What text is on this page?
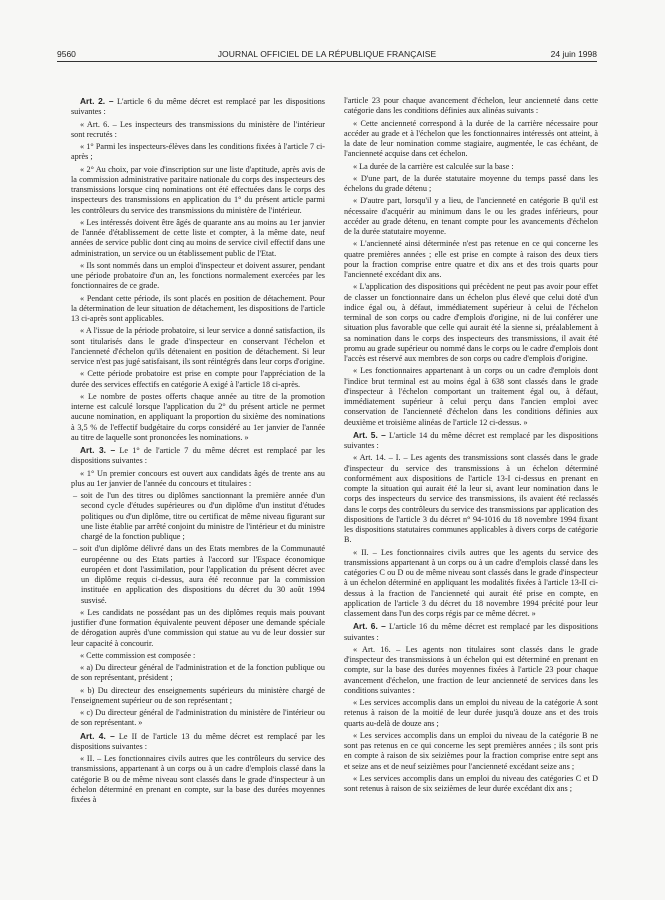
9560	JOURNAL OFFICIEL DE LA RÉPUBLIQUE FRANÇAISE	24 juin 1998

Art. 2. – L'article 6 du même décret est remplacé par les dispositions suivantes :

« Art. 6. – Les inspecteurs des transmissions du ministère de l'intérieur sont recrutés :

« 1° Parmi les inspecteurs-élèves dans les conditions fixées à l'article 7 ci-après ;

« 2° Au choix, par voie d'inscription sur une liste d'aptitude, après avis de la commission administrative paritaire nationale du corps des inspecteurs des transmissions lorsque cinq nominations ont été effectuées dans le corps des inspecteurs des transmissions en application du 1° du présent article parmi les contrôleurs du service des transmissions du ministère de l'intérieur.

« Les intéressés doivent être âgés de quarante ans au moins au 1er janvier de l'année d'établissement de cette liste et compter, à la même date, neuf années de service public dont cinq au moins de service civil effectif dans une administration, un service ou un établissement public de l'Etat.

« Ils sont nommés dans un emploi d'inspecteur et doivent assurer, pendant une période probatoire d'un an, les fonctions normalement exercées par les fonctionnaires de ce grade.

« Pendant cette période, ils sont placés en position de détachement. Pour la détermination de leur situation de détachement, les dispositions de l'article 13 ci-après sont applicables.

« A l'issue de la période probatoire, si leur service a donné satisfaction, ils sont titularisés dans le grade d'inspecteur en conservant l'échelon et l'ancienneté d'échelon qu'ils détenaient en position de détachement. Si leur service n'est pas jugé satisfaisant, ils sont réintégrés dans leur corps d'origine.

« Cette période probatoire est prise en compte pour l'appréciation de la durée des services effectifs en catégorie A exigé à l'article 18 ci-après.

« Le nombre de postes offerts chaque année au titre de la promotion interne est calculé lorsque l'application du 2° du présent article ne permet aucune nomination, en appliquant la proportion du sixième des nominations à 3,5 % de l'effectif budgétaire du corps considéré au 1er janvier de l'année au titre de laquelle sont prononcées les nominations. »

Art. 3. – Le 1° de l'article 7 du même décret est remplacé par les dispositions suivantes :

« 1° Un premier concours est ouvert aux candidats âgés de trente ans au plus au 1er janvier de l'année du concours et titulaires :

– soit de l'un des titres ou diplômes sanctionnant la première année d'un second cycle d'études supérieures ou d'un diplôme d'un institut d'études politiques ou d'un diplôme, titre ou certificat de même niveau figurant sur une liste établie par arrêté conjoint du ministre de l'intérieur et du ministre chargé de la fonction publique ;

– soit d'un diplôme délivré dans un des Etats membres de la Communauté européenne ou des Etats parties à l'accord sur l'Espace économique européen et dont l'assimilation, pour l'application du présent décret avec un diplôme requis ci-dessus, aura été reconnue par la commission instituée en application des dispositions du décret du 30 août 1994 susvisé.

« Les candidats ne possédant pas un des diplômes requis mais pouvant justifier d'une formation équivalente peuvent déposer une demande spéciale de dérogation auprès d'une commission qui statue au vu de leur dossier sur leur capacité à concourir.

« Cette commission est composée :

« a) Du directeur général de l'administration et de la fonction publique ou de son représentant, président ;

« b) Du directeur des enseignements supérieurs du ministère chargé de l'enseignement supérieur ou de son représentant ;

« c) Du directeur général de l'administration du ministère de l'intérieur ou de son représentant. »

Art. 4. – Le II de l'article 13 du même décret est remplacé par les dispositions suivantes :

« II. – Les fonctionnaires civils autres que les contrôleurs du service des transmissions, appartenant à un corps ou à un cadre d'emplois classé dans la catégorie B ou de même niveau sont classés dans le grade d'inspecteur à un échelon déterminé en prenant en compte, sur la base des durées moyennes fixées à

l'article 23 pour chaque avancement d'échelon, leur ancienneté dans cette catégorie dans les conditions définies aux alinéas suivants :

« Cette ancienneté correspond à la durée de la carrière nécessaire pour accéder au grade et à l'échelon que les fonctionnaires intéressés ont atteint, à la date de leur nomination comme stagiaire, augmentée, le cas échéant, de l'ancienneté acquise dans cet échelon.

« La durée de la carrière est calculée sur la base :

« D'une part, de la durée statutaire moyenne du temps passé dans les échelons du grade détenu ;

« D'autre part, lorsqu'il y a lieu, de l'ancienneté en catégorie B qu'il est nécessaire d'acquérir au minimum dans le ou les grades inférieurs, pour accéder au grade détenu, en tenant compte pour les avancements d'échelon de la durée statutaire moyenne.

« L'ancienneté ainsi déterminée n'est pas retenue en ce qui concerne les quatre premières années ; elle est prise en compte à raison des deux tiers pour la fraction comprise entre quatre et dix ans et des trois quarts pour l'ancienneté excédant dix ans.

« L'application des dispositions qui précèdent ne peut pas avoir pour effet de classer un fonctionnaire dans un échelon plus élevé que celui doté d'un indice égal ou, à défaut, immédiatement supérieur à celui de l'échelon terminal de son corps ou cadre d'emplois d'origine, ni de lui conférer une situation plus favorable que celle qui aurait été la sienne si, préalablement à sa nomination dans le corps des inspecteurs des transmissions, il avait été promu au grade supérieur ou nommé dans le corps ou le cadre d'emplois dont l'accès est réservé aux membres de son corps ou cadre d'emplois d'origine.

« Les fonctionnaires appartenant à un corps ou un cadre d'emplois dont l'indice brut terminal est au moins égal à 638 sont classés dans le grade d'inspecteur à l'échelon comportant un traitement égal ou, à défaut, immédiatement supérieur à celui perçu dans l'ancien emploi avec conservation de l'ancienneté d'échelon dans les conditions définies aux deuxième et troisième alinéas de l'article 12 ci-dessus. »

Art. 5. – L'article 14 du même décret est remplacé par les dispositions suivantes :

« Art. 14. – I. – Les agents des transmissions sont classés dans le grade d'inspecteur du service des transmissions à un échelon déterminé conformément aux dispositions de l'article 13-I ci-dessus en prenant en compte la situation qui aurait été la leur si, avant leur nomination dans le corps des inspecteurs du service des transmissions, ils avaient été reclassés dans le corps des contrôleurs du service des transmissions par application des dispositions de l'article 3 du décret n° 94-1016 du 18 novembre 1994 fixant les dispositions statutaires communes applicables à divers corps de catégorie B.

« II. – Les fonctionnaires civils autres que les agents du service des transmissions appartenant à un corps ou à un cadre d'emplois classé dans les catégories C ou D ou de même niveau sont classés dans le grade d'inspecteur à un échelon déterminé en appliquant les modalités fixées à l'article 13-II ci-dessus à la fraction de l'ancienneté qui aurait été prise en compte, en application de l'article 3 du décret du 18 novembre 1994 précité pour leur classement dans l'un des corps régis par ce même décret. »

Art. 6. – L'article 16 du même décret est remplacé par les dispositions suivantes :

« Art. 16. – Les agents non titulaires sont classés dans le grade d'inspecteur des transmissions à un échelon qui est déterminé en prenant en compte, sur la base des durées moyennes fixées à l'article 23 pour chaque avancement d'échelon, une fraction de leur ancienneté de services dans les conditions suivantes :

« Les services accomplis dans un emploi du niveau de la catégorie A sont retenus à raison de la moitié de leur durée jusqu'à douze ans et des trois quarts au-delà de douze ans ;

« Les services accomplis dans un emploi du niveau de la catégorie B ne sont pas retenus en ce qui concerne les sept premières années ; ils sont pris en compte à raison de six seizièmes pour la fraction comprise entre sept ans et seize ans et de neuf seizièmes pour l'ancienneté excédant seize ans ;

« Les services accomplis dans un emploi du niveau des catégories C et D sont retenus à raison de six seizièmes de leur durée excédant dix ans ;
